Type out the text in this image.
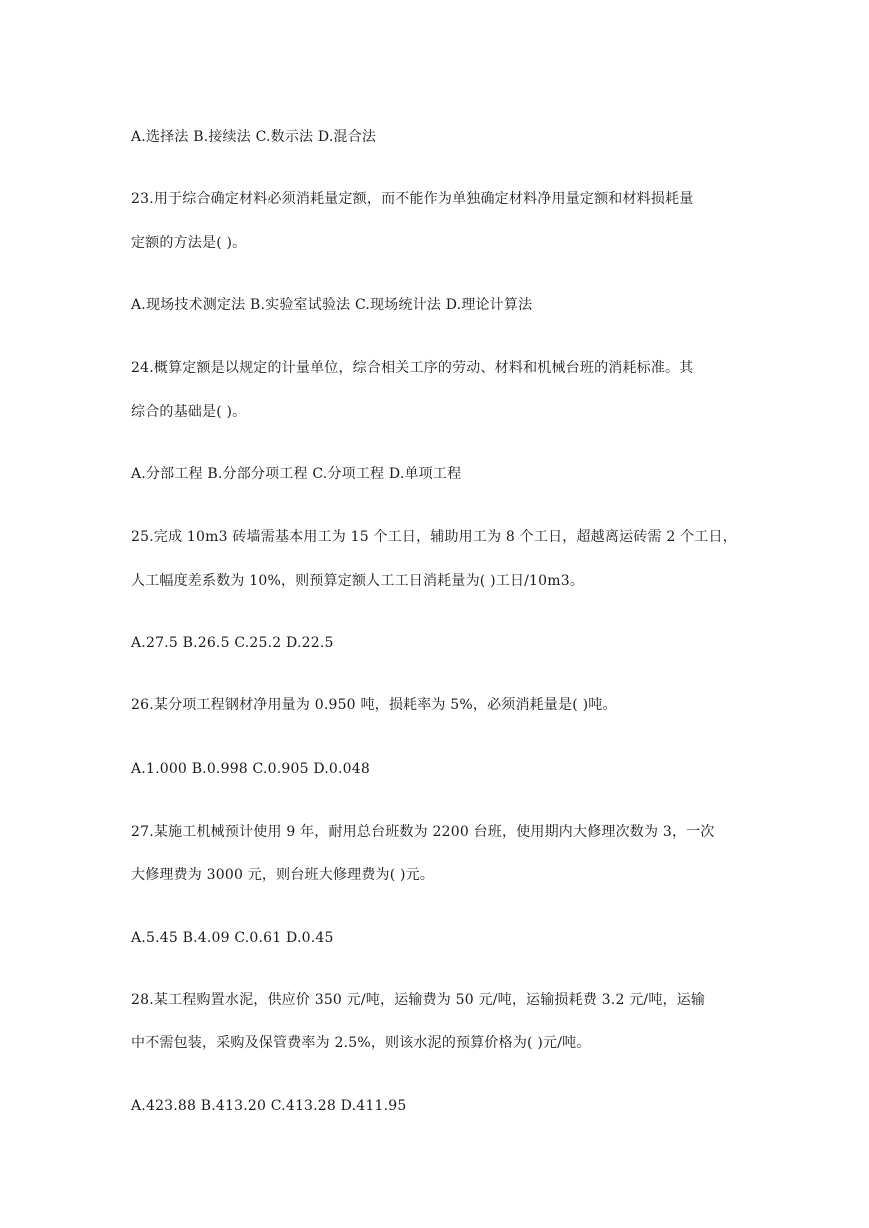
A.选择法 B.接续法 C.数示法 D.混合法
23.用于综合确定材料必须消耗量定额，而不能作为单独确定材料净用量定额和材料损耗量
定额的方法是( )。
A.现场技术测定法 B.实验室试验法 C.现场统计法 D.理论计算法
24.概算定额是以规定的计量单位，综合相关工序的劳动、材料和机械台班的消耗标准。其
综合的基础是( )。
A.分部工程 B.分部分项工程 C.分项工程 D.单项工程
25.完成 10m3 砖墙需基本用工为 15 个工日，辅助用工为 8 个工日，超越离运砖需 2 个工日，
人工幅度差系数为 10%，则预算定额人工工日消耗量为( )工日/10m3。
A.27.5 B.26.5 C.25.2 D.22.5
26.某分项工程钢材净用量为 0.950 吨，损耗率为 5%，必须消耗量是( )吨。
A.1.000 B.0.998 C.0.905 D.0.048
27.某施工机械预计使用 9 年，耐用总台班数为 2200 台班，使用期内大修理次数为 3，一次
大修理费为 3000 元，则台班大修理费为( )元。
A.5.45 B.4.09 C.0.61 D.0.45
28.某工程购置水泥，供应价 350 元/吨，运输费为 50 元/吨，运输损耗费 3.2 元/吨，运输
中不需包装，采购及保管费率为 2.5%，则该水泥的预算价格为( )元/吨。
A.423.88 B.413.20 C.413.28 D.411.95
